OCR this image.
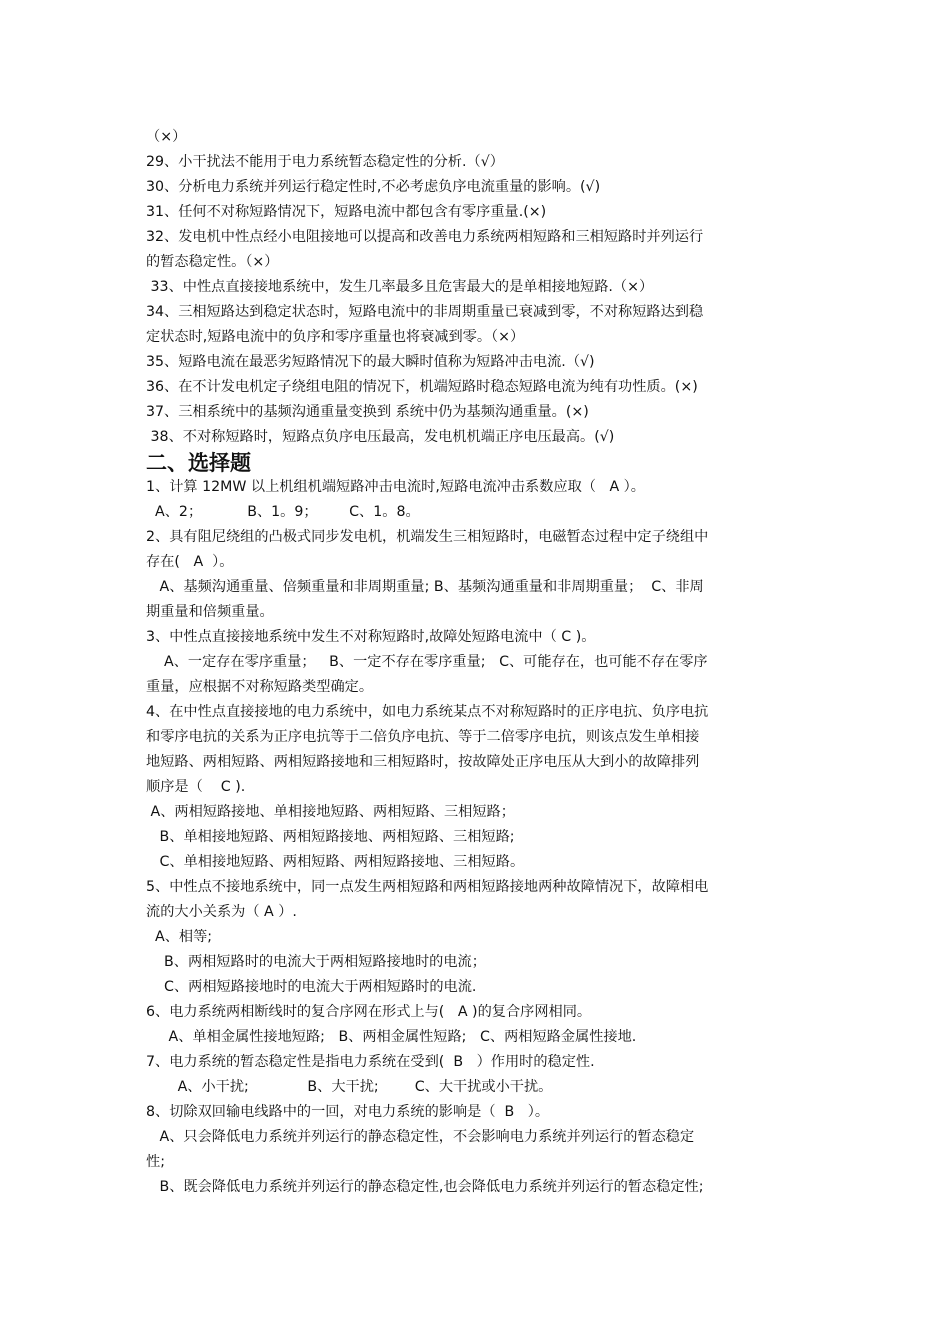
二、选择题
（×）
29、小干扰法不能用于电力系统暂态稳定性的分析.（√）
30、分析电力系统并列运行稳定性时,不必考虑负序电流重量的影响。(√)
31、任何不对称短路情况下，短路电流中都包含有零序重量.(×)
32、发电机中性点经小电阻接地可以提高和改善电力系统两相短路和三相短路时并列运行
的暂态稳定性。（×）
33、中性点直接接地系统中，发生几率最多且危害最大的是单相接地短路.（×）
34、三相短路达到稳定状态时，短路电流中的非周期重量已衰减到零，不对称短路达到稳
定状态时,短路电流中的负序和零序重量也将衰减到零。（×）
35、短路电流在最恶劣短路情况下的最大瞬时值称为短路冲击电流.（√)
36、在不计发电机定子绕组电阻的情况下，机端短路时稳态短路电流为纯有功性质。(×)
37、三相系统中的基频沟通重量变换到 系统中仍为基频沟通重量。(×)
38、不对称短路时，短路点负序电压最高，发电机机端正序电压最高。(√)
1、计算 12MW 以上机组机端短路冲击电流时,短路电流冲击系数应取（   A ）。
A、2；          B、1。9；       C、1。8。
2、具有阻尼绕组的凸极式同步发电机，机端发生三相短路时，电磁暂态过程中定子绕组中
存在(   A  ）。
A、基频沟通重量、倍频重量和非周期重量; B、基频沟通重量和非周期重量；  C、非周
期重量和倍频重量。
3、中性点直接接地系统中发生不对称短路时,故障处短路电流中（ C )。
A、一定存在零序重量；   B、一定不存在零序重量;   C、可能存在，也可能不存在零序
重量，应根据不对称短路类型确定。
4、在中性点直接接地的电力系统中，如电力系统某点不对称短路时的正序电抗、负序电抗
和零序电抗的关系为正序电抗等于二倍负序电抗、等于二倍零序电抗，则该点发生单相接
地短路、两相短路、两相短路接地和三相短路时，按故障处正序电压从大到小的故障排列
顺序是（    C ).
A、两相短路接地、单相接地短路、两相短路、三相短路；
B、单相接地短路、两相短路接地、两相短路、三相短路;
C、单相接地短路、两相短路、两相短路接地、三相短路。
5、中性点不接地系统中，同一点发生两相短路和两相短路接地两种故障情况下，故障相电
流的大小关系为（ A ）.
A、相等;
B、两相短路时的电流大于两相短路接地时的电流；
C、两相短路接地时的电流大于两相短路时的电流.
6、电力系统两相断线时的复合序网在形式上与(   A )的复合序网相同。
A、单相金属性接地短路;   B、两相金属性短路;   C、两相短路金属性接地.
7、电力系统的暂态稳定性是指电力系统在受到(  B   ）作用时的稳定性.
A、小干扰;             B、大干扰;        C、大干扰或小干扰。
8、切除双回输电线路中的一回，对电力系统的影响是（  B   ）。
A、只会降低电力系统并列运行的静态稳定性，不会影响电力系统并列运行的暂态稳定
性;
B、既会降低电力系统并列运行的静态稳定性,也会降低电力系统并列运行的暂态稳定性;
